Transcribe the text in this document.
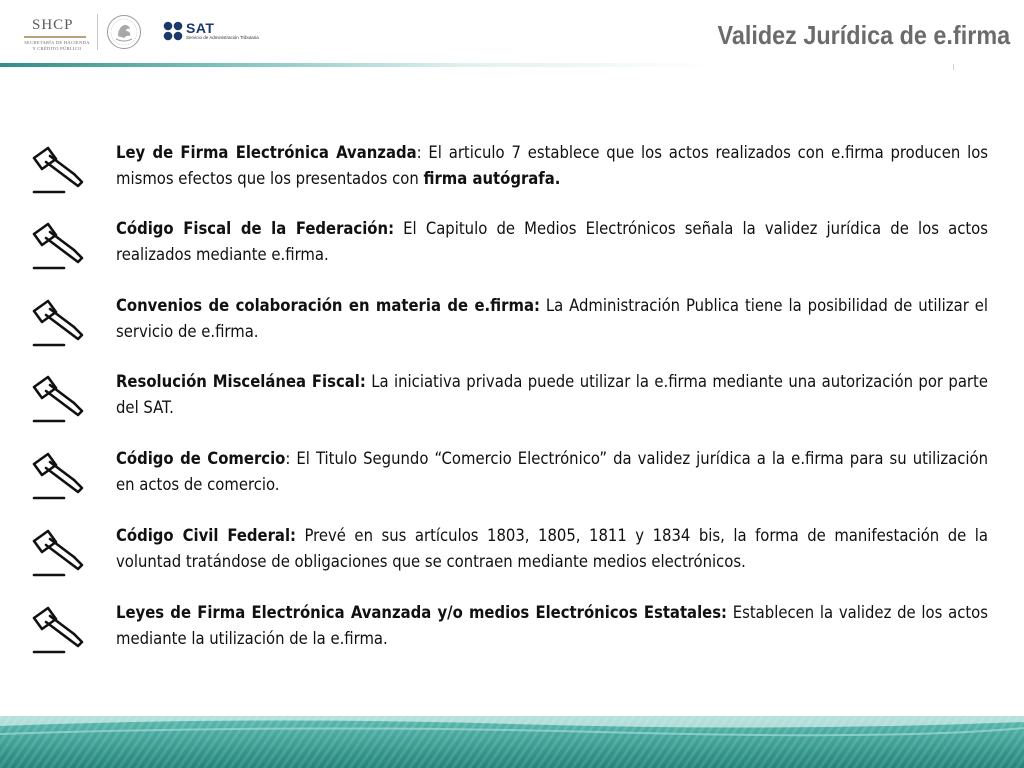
SHCP
SECRETARÍA DE HACIENDA
Y CRÉDITO PÚBLICO
SAT
Servicio de Administración Tributaria	Validez Jurídica de e.firma

Ley de Firma Electrónica Avanzada: El articulo 7 establece que los actos realizados con e.firma producen los mismos efectos que los presentados con firma autógrafa.

Código Fiscal de la Federación: El Capitulo de Medios Electrónicos señala la validez jurídica de los actos realizados mediante e.firma.

Convenios de colaboración en materia de e.firma: La Administración Publica tiene la posibilidad de utilizar el servicio de e.firma.

Resolución Miscelánea Fiscal: La iniciativa privada puede utilizar la e.firma mediante una autorización por parte del SAT.

Código de Comercio: El Titulo Segundo “Comercio Electrónico” da validez jurídica a la e.firma para su utilización en actos de comercio.

Código Civil Federal: Prevé en sus artículos 1803, 1805, 1811 y 1834 bis, la forma de manifestación de la voluntad tratándose de obligaciones que se contraen mediante medios electrónicos.

Leyes de Firma Electrónica Avanzada y/o medios Electrónicos Estatales: Establecen la validez de los actos mediante la utilización de la e.firma.
